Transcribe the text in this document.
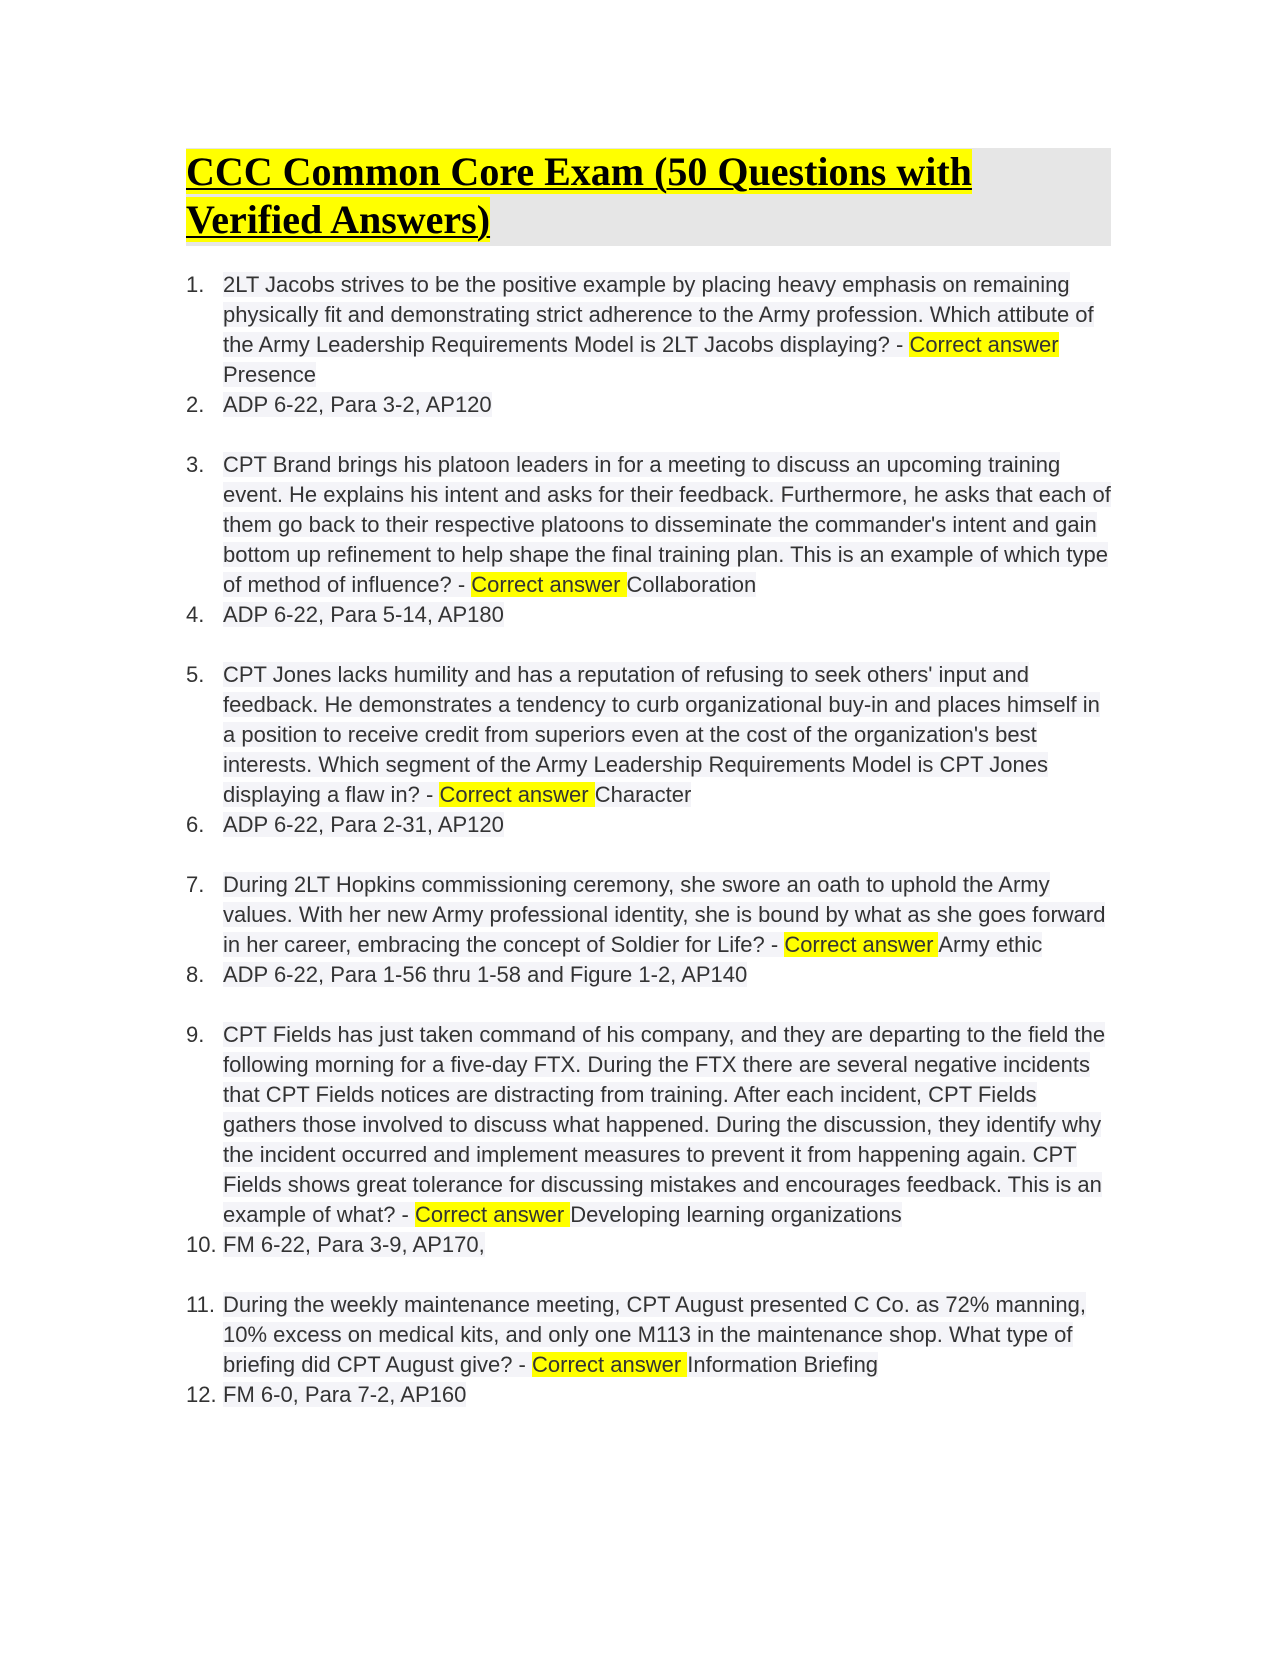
CCC Common Core Exam (50 Questions with Verified Answers)
1. 2LT Jacobs strives to be the positive example by placing heavy emphasis on remaining physically fit and demonstrating strict adherence to the Army profession. Which attibute of the Army Leadership Requirements Model is 2LT Jacobs displaying? - Correct answer Presence
2. ADP 6-22, Para 3-2, AP120
3. CPT Brand brings his platoon leaders in for a meeting to discuss an upcoming training event. He explains his intent and asks for their feedback. Furthermore, he asks that each of them go back to their respective platoons to disseminate the commander's intent and gain bottom up refinement to help shape the final training plan. This is an example of which type of method of influence? - Correct answer Collaboration
4. ADP 6-22, Para 5-14, AP180
5. CPT Jones lacks humility and has a reputation of refusing to seek others' input and feedback. He demonstrates a tendency to curb organizational buy-in and places himself in a position to receive credit from superiors even at the cost of the organization's best interests. Which segment of the Army Leadership Requirements Model is CPT Jones displaying a flaw in? - Correct answer Character
6. ADP 6-22, Para 2-31, AP120
7. During 2LT Hopkins commissioning ceremony, she swore an oath to uphold the Army values. With her new Army professional identity, she is bound by what as she goes forward in her career, embracing the concept of Soldier for Life? - Correct answer Army ethic
8. ADP 6-22, Para 1-56 thru 1-58 and Figure 1-2, AP140
9. CPT Fields has just taken command of his company, and they are departing to the field the following morning for a five-day FTX. During the FTX there are several negative incidents that CPT Fields notices are distracting from training. After each incident, CPT Fields gathers those involved to discuss what happened. During the discussion, they identify why the incident occurred and implement measures to prevent it from happening again. CPT Fields shows great tolerance for discussing mistakes and encourages feedback. This is an example of what? - Correct answer Developing learning organizations
10. FM 6-22, Para 3-9, AP170,
11. During the weekly maintenance meeting, CPT August presented C Co. as 72% manning, 10% excess on medical kits, and only one M113 in the maintenance shop. What type of briefing did CPT August give? - Correct answer Information Briefing
12. FM 6-0, Para 7-2, AP160
